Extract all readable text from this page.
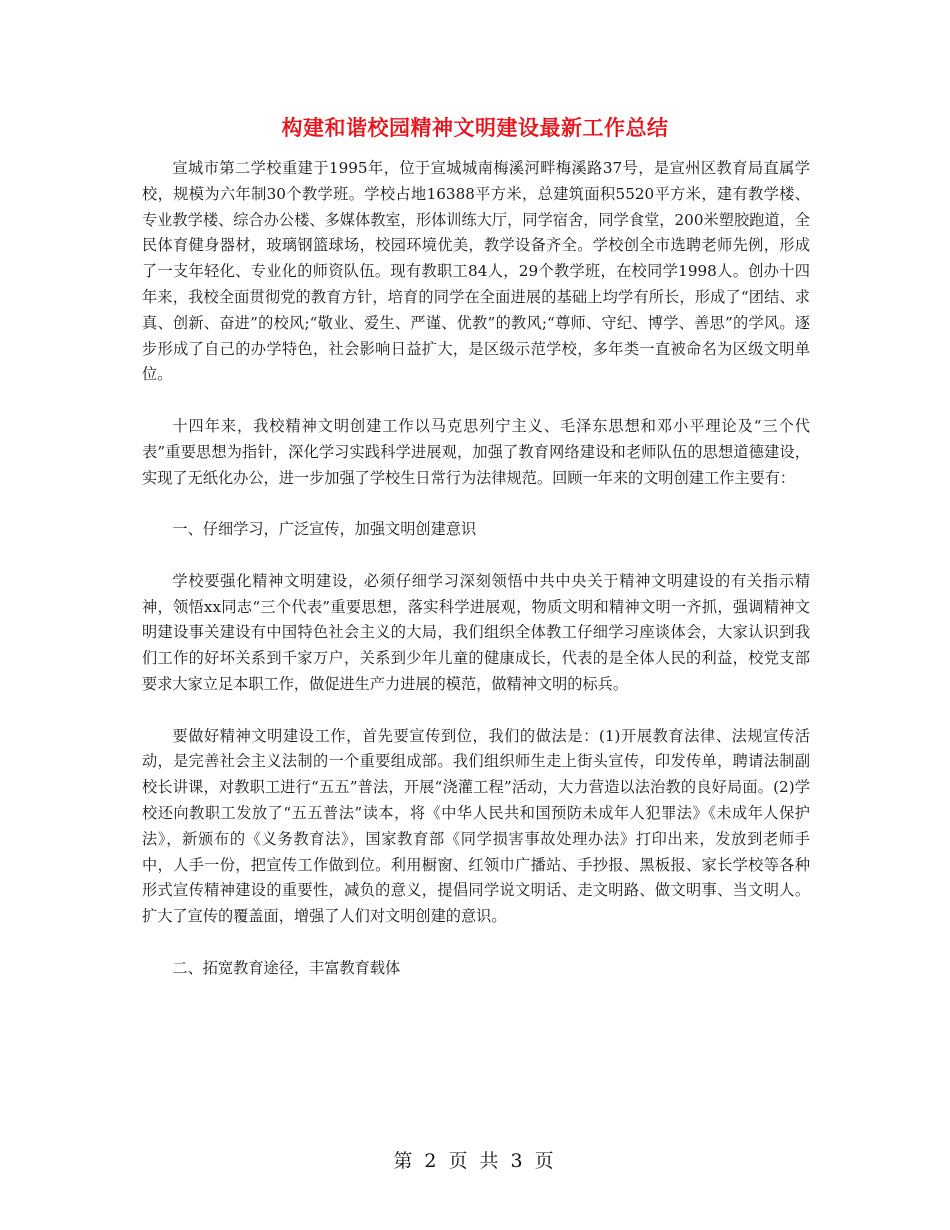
构建和谐校园精神文明建设最新工作总结

宣城市第二学校重建于1995年，位于宣城城南梅溪河畔梅溪路37号，是宣州区教育局直属学校，规模为六年制30个教学班。学校占地16388平方米，总建筑面积5520平方米，建有教学楼、专业教学楼、综合办公楼、多媒体教室，形体训练大厅，同学宿舍，同学食堂，200米塑胶跑道，全民体育健身器材，玻璃钢篮球场，校园环境优美，教学设备齐全。学校创全市选聘老师先例，形成了一支年轻化、专业化的师资队伍。现有教职工84人，29个教学班，在校同学1998人。创办十四年来，我校全面贯彻党的教育方针，培育的同学在全面进展的基础上均学有所长，形成了“团结、求真、创新、奋进”的校风;“敬业、爱生、严谨、优教”的教风;“尊师、守纪、博学、善思”的学风。逐步形成了自己的办学特色，社会影响日益扩大，是区级示范学校，多年类一直被命名为区级文明单位。

十四年来，我校精神文明创建工作以马克思列宁主义、毛泽东思想和邓小平理论及“三个代表”重要思想为指针，深化学习实践科学进展观，加强了教育网络建设和老师队伍的思想道德建设，实现了无纸化办公，进一步加强了学校生日常行为法律规范。回顾一年来的文明创建工作主要有：

一、仔细学习，广泛宣传，加强文明创建意识

学校要强化精神文明建设，必须仔细学习深刻领悟中共中央关于精神文明建设的有关指示精神，领悟xx同志“三个代表”重要思想，落实科学进展观，物质文明和精神文明一齐抓，强调精神文明建设事关建设有中国特色社会主义的大局，我们组织全体教工仔细学习座谈体会，大家认识到我们工作的好坏关系到千家万户，关系到少年儿童的健康成长，代表的是全体人民的利益，校党支部要求大家立足本职工作，做促进生产力进展的模范，做精神文明的标兵。

要做好精神文明建设工作，首先要宣传到位，我们的做法是：(1)开展教育法律、法规宣传活动，是完善社会主义法制的一个重要组成部。我们组织师生走上街头宣传，印发传单，聘请法制副校长讲课，对教职工进行“五五”普法，开展“浇灌工程”活动，大力营造以法治教的良好局面。(2)学校还向教职工发放了“五五普法”读本，将《中华人民共和国预防未成年人犯罪法》《未成年人保护法》，新颁布的《义务教育法》，国家教育部《同学损害事故处理办法》打印出来，发放到老师手中，人手一份，把宣传工作做到位。利用橱窗、红领巾广播站、手抄报、黑板报、家长学校等各种形式宣传精神建设的重要性，减负的意义，提倡同学说文明话、走文明路、做文明事、当文明人。扩大了宣传的覆盖面，增强了人们对文明创建的意识。

二、拓宽教育途径，丰富教育载体

第 2 页 共 3 页
